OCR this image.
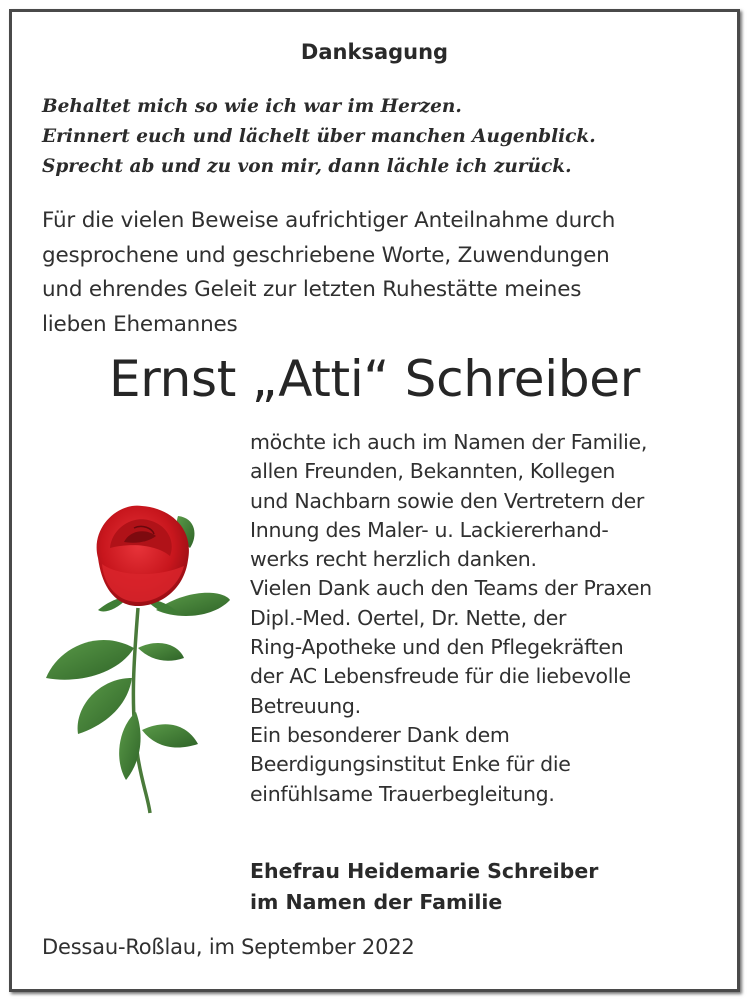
Danksagung
Behaltet mich so wie ich war im Herzen.
Erinnert euch und lächelt über manchen Augenblick.
Sprecht ab und zu von mir, dann lächle ich zurück.
Für die vielen Beweise aufrichtiger Anteilnahme durch
gesprochene und geschriebene Worte, Zuwendungen
und ehrendes Geleit zur letzten Ruhestätte meines
lieben Ehemannes
Ernst „Atti“ Schreiber
möchte ich auch im Namen der Familie,
allen Freunden, Bekannten, Kollegen
und Nachbarn sowie den Vertretern der
Innung des Maler- u. Lackiererhand-
werks recht herzlich danken.
Vielen Dank auch den Teams der Praxen
Dipl.-Med. Oertel, Dr. Nette, der
Ring-Apotheke und den Pflegekräften
der AC Lebensfreude für die liebevolle
Betreuung.
Ein besonderer Dank dem
Beerdigungsinstitut Enke für die
einfühlsame Trauerbegleitung.
Ehefrau Heidemarie Schreiber
im Namen der Familie
Dessau-Roßlau, im September 2022
